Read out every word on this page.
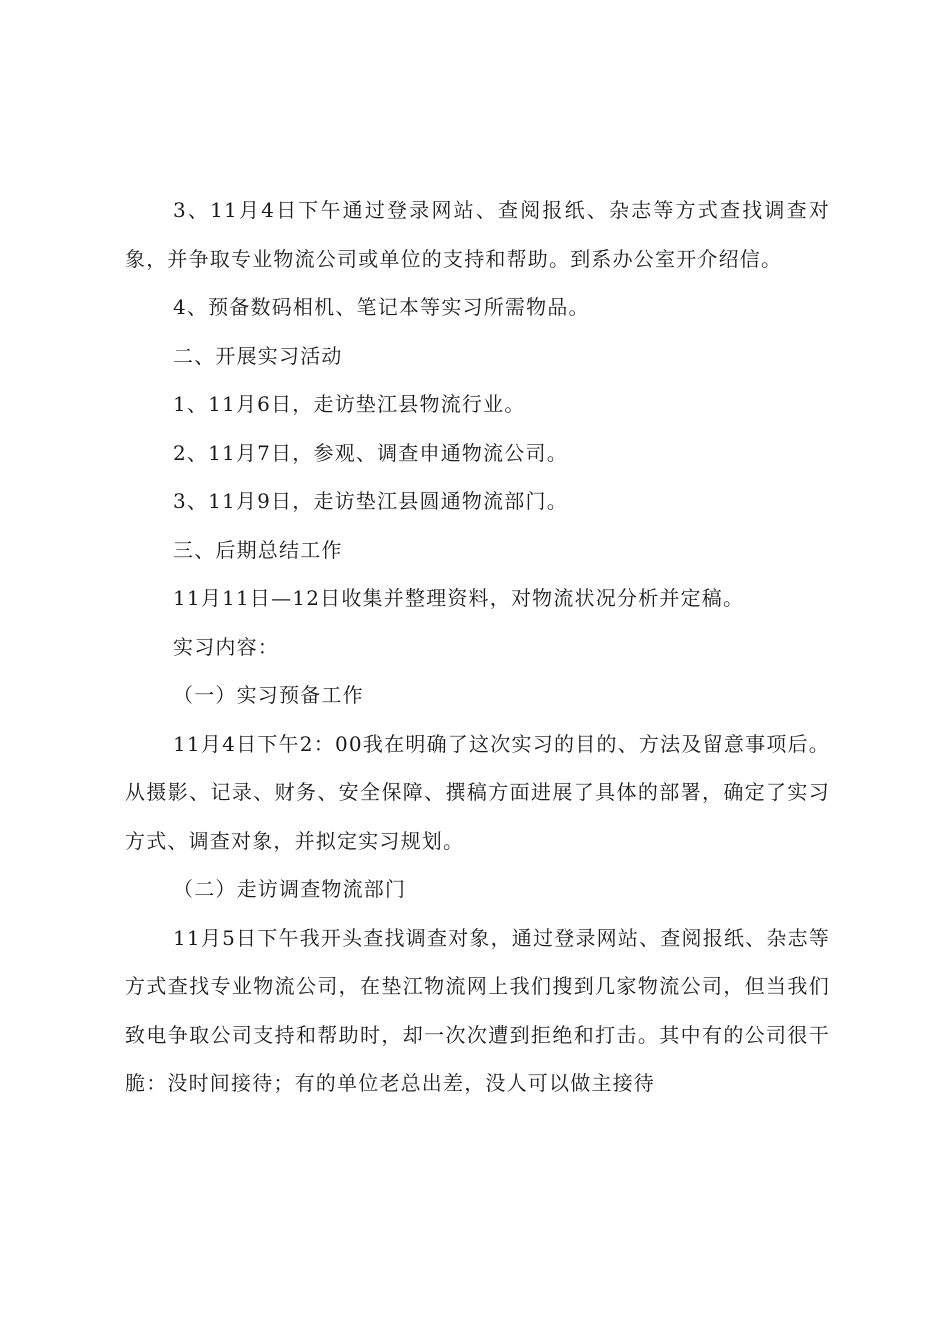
3、11月4日下午通过登录网站、查阅报纸、杂志等方式查找调查对象，并争取专业物流公司或单位的支持和帮助。到系办公室开介绍信。

4、预备数码相机、笔记本等实习所需物品。

二、开展实习活动

1、11月6日，走访垫江县物流行业。

2、11月7日，参观、调查申通物流公司。

3、11月9日，走访垫江县圆通物流部门。

三、后期总结工作

11月11日—12日收集并整理资料，对物流状况分析并定稿。

实习内容：

（一）实习预备工作

11月4日下午2：00我在明确了这次实习的目的、方法及留意事项后。从摄影、记录、财务、安全保障、撰稿方面进展了具体的部署，确定了实习方式、调查对象，并拟定实习规划。

（二）走访调查物流部门

11月5日下午我开头查找调查对象，通过登录网站、查阅报纸、杂志等方式查找专业物流公司，在垫江物流网上我们搜到几家物流公司，但当我们致电争取公司支持和帮助时，却一次次遭到拒绝和打击。其中有的公司很干脆：没时间接待；有的单位老总出差，没人可以做主接待
